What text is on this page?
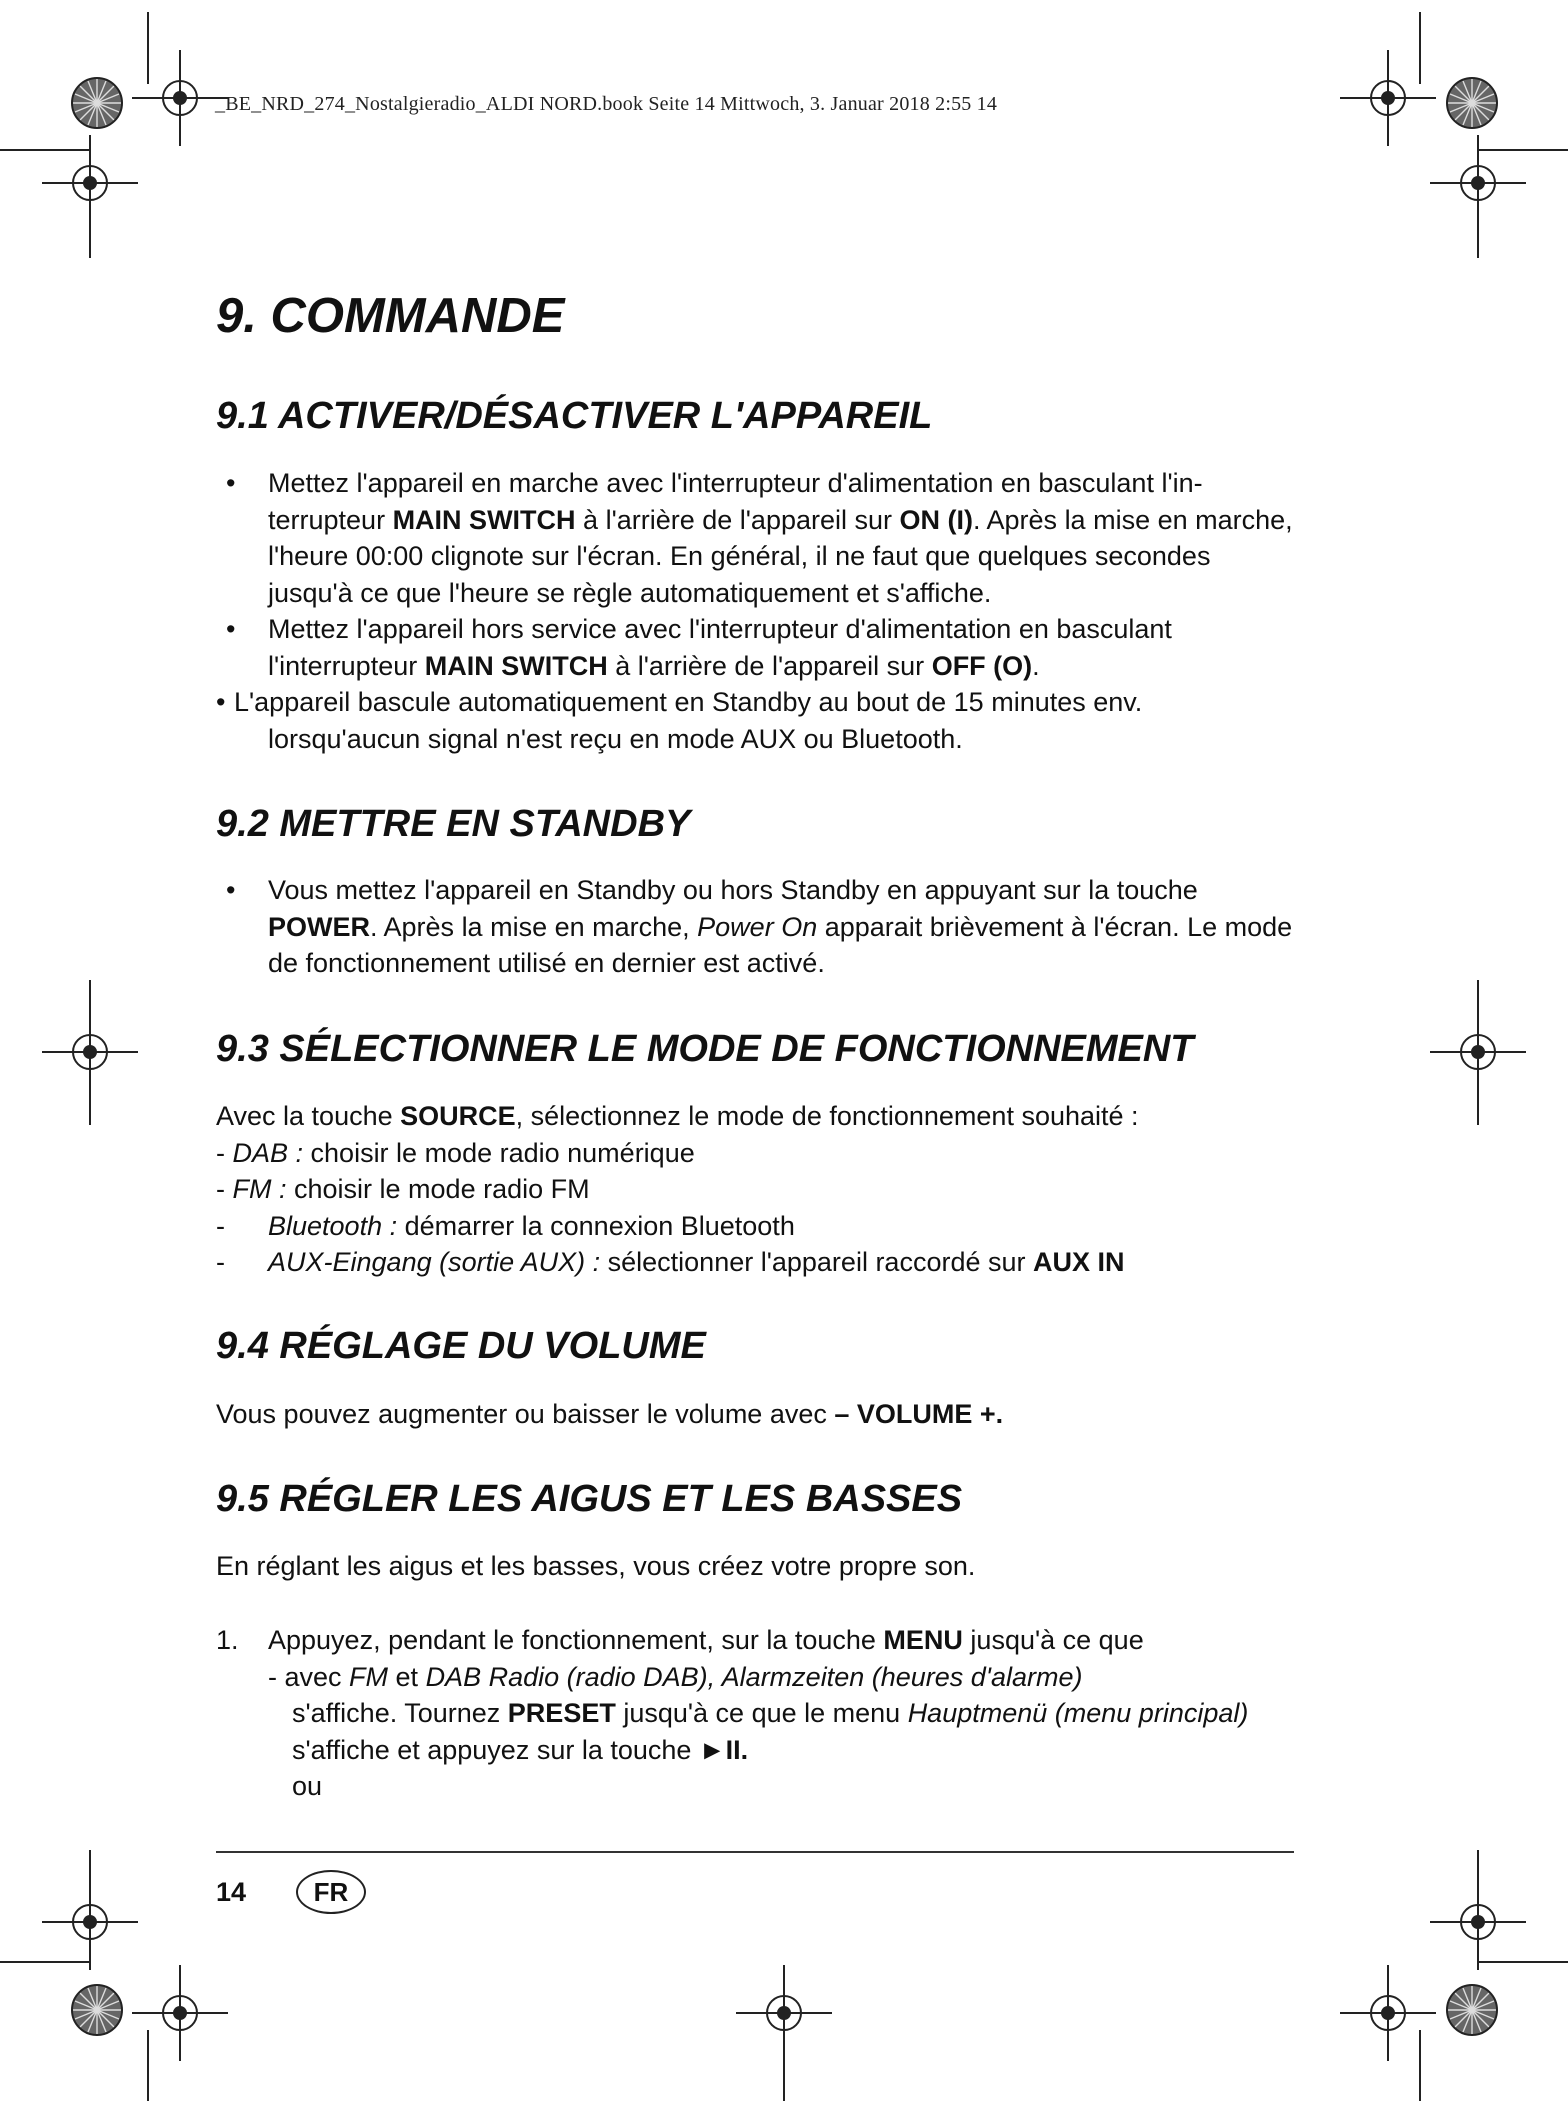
_BE_NRD_274_Nostalgieradio_ALDI NORD.book Seite 14 Mittwoch, 3. Januar 2018 2:55 14
9. COMMANDE
9.1 ACTIVER/DÉSACTIVER L'APPAREIL
• Mettez l'appareil en marche avec l'interrupteur d'alimentation en basculant l'in-terrupteur MAIN SWITCH à l'arrière de l'appareil sur ON (I). Après la mise en marche, l'heure 00:00 clignote sur l'écran. En général, il ne faut que quelques secondes jusqu'à ce que l'heure se règle automatiquement et s'affiche.
• Mettez l'appareil hors service avec l'interrupteur d'alimentation en basculant l'interrupteur MAIN SWITCH à l'arrière de l'appareil sur OFF (O).
• L'appareil bascule automatiquement en Standby au bout de 15 minutes env.
lorsqu'aucun signal n'est reçu en mode AUX ou Bluetooth.
9.2 METTRE EN STANDBY
• Vous mettez l'appareil en Standby ou hors Standby en appuyant sur la touche POWER. Après la mise en marche, Power On apparait brièvement à l'écran. Le mode de fonctionnement utilisé en dernier est activé.
9.3 SÉLECTIONNER LE MODE DE FONCTIONNEMENT
Avec la touche SOURCE, sélectionnez le mode de fonctionnement souhaité :
- DAB : choisir le mode radio numérique
- FM : choisir le mode radio FM
- Bluetooth : démarrer la connexion Bluetooth
- AUX-Eingang (sortie AUX) : sélectionner l'appareil raccordé sur AUX IN
9.4 RÉGLAGE DU VOLUME
Vous pouvez augmenter ou baisser le volume avec – VOLUME +.
9.5 RÉGLER LES AIGUS ET LES BASSES
En réglant les aigus et les basses, vous créez votre propre son.
1. Appuyez, pendant le fonctionnement, sur la touche MENU jusqu'à ce que
- avec FM et DAB Radio (radio DAB), Alarmzeiten (heures d'alarme)
s'affiche. Tournez PRESET jusqu'à ce que le menu Hauptmenü (menu principal) s'affiche et appuyez sur la touche ►II.
ou
14	FR
